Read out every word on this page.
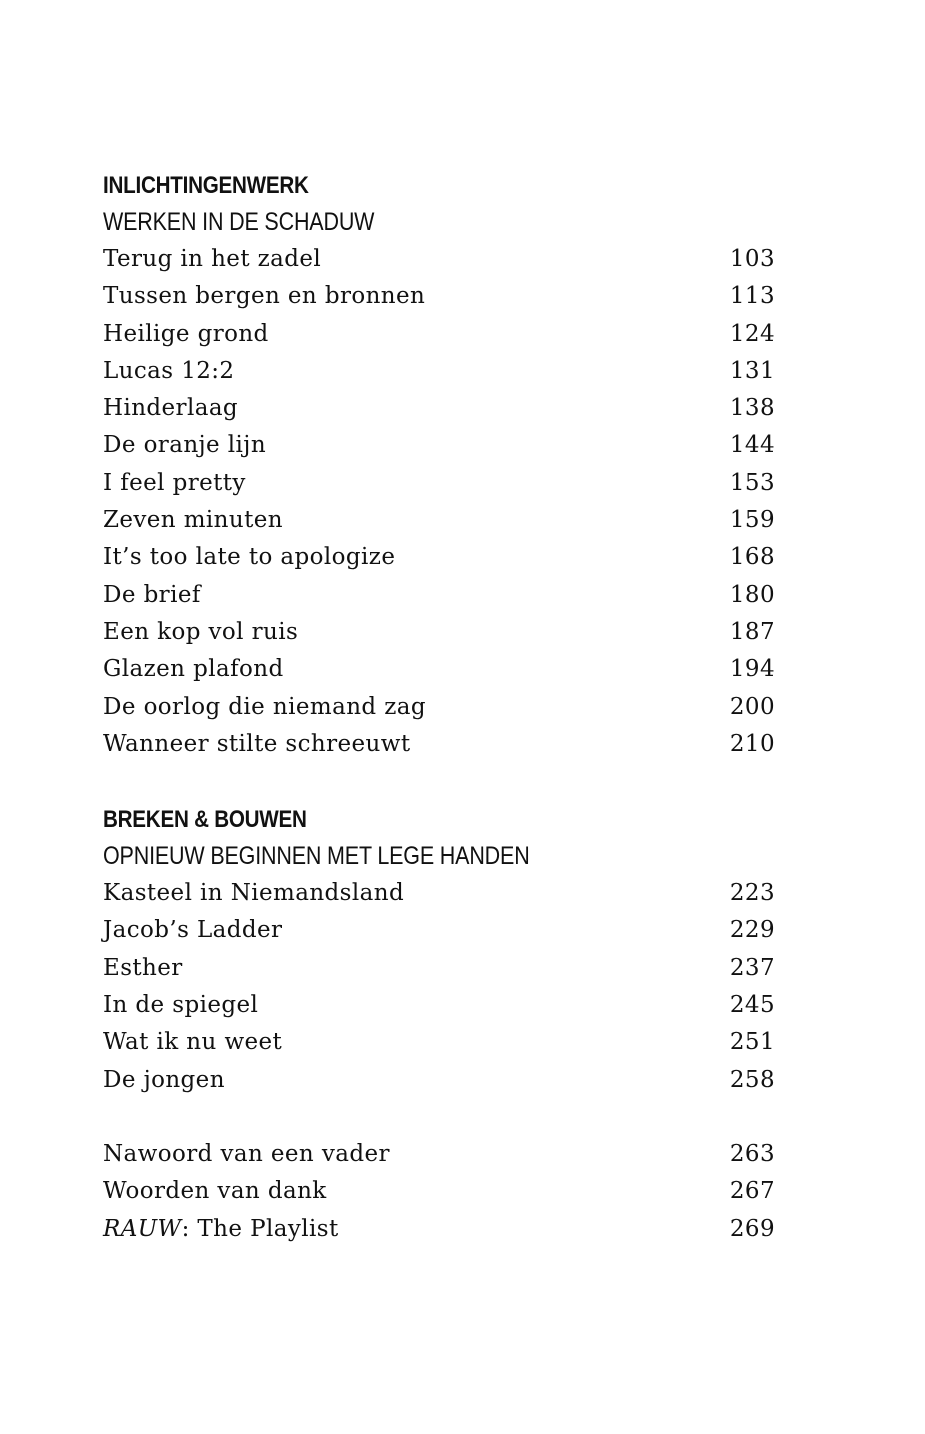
INLICHTINGENWERK
WERKEN IN DE SCHADUW
Terug in het zadel	103
Tussen bergen en bronnen	113
Heilige grond	124
Lucas 12:2	131
Hinderlaag	138
De oranje lijn	144
I feel pretty	153
Zeven minuten	159
It’s too late to apologize	168
De brief	180
Een kop vol ruis	187
Glazen plafond	194
De oorlog die niemand zag	200
Wanneer stilte schreeuwt	210
BREKEN & BOUWEN
OPNIEUW BEGINNEN MET LEGE HANDEN
Kasteel in Niemandsland	223
Jacob’s Ladder	229
Esther	237
In de spiegel	245
Wat ik nu weet	251
De jongen	258
Nawoord van een vader	263
Woorden van dank	267
RAUW: The Playlist	269
